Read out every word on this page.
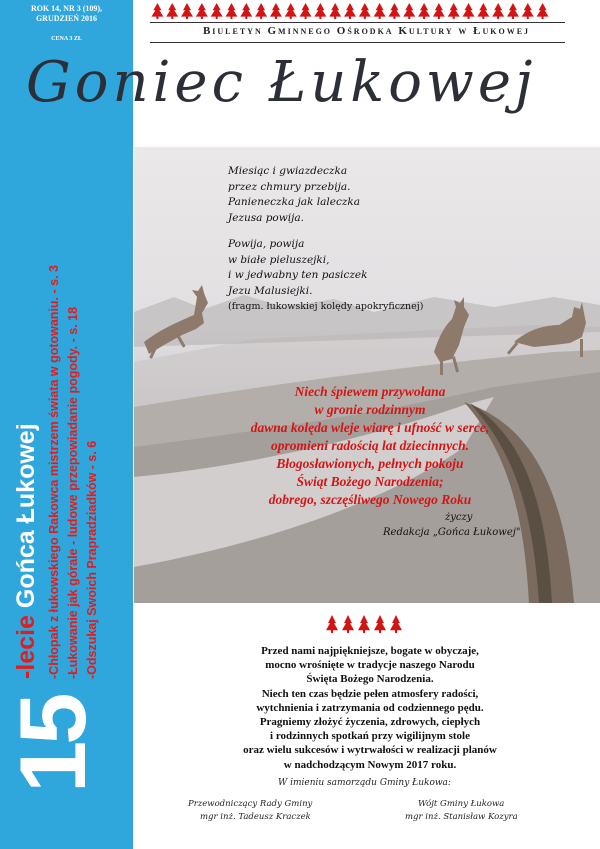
ROK 14, NR 3 (109),
GRUDZIEŃ 2016
CENA 3 ZŁ
15
-lecie Gońca Łukowej -Chłopak z łukowskiego Rakowca mistrzem świata w gotowaniu. - s. 3 -Łukowanie jak górale - ludowe przepowiadanie pogody. - s. 18 -Odszukaj Swoich Prapradziadków - s. 6
Biuletyn Gminnego Ośrodka Kultury w Łukowej
Goniec Łukowej
Miesiąc i gwiazdeczka
przez chmury przebija.
Panieneczka jak laleczka
Jezusa powija.
Powija, powija
w białe pieluszejki,
i w jedwabny ten pasiczek
Jezu Malusiejki.
(fragm. łukowskiej kolędy apokryficznej)
Niech śpiewem przywołana
w gronie rodzinnym
dawna kolęda wleje wiarę i ufność w serce,
opromieni radością lat dziecinnych.
Błogosławionych, pełnych pokoju
Świąt Bożego Narodzenia;
dobrego, szczęśliwego Nowego Roku
życzy
Redakcja „Gońca Łukowej"
Przed nami najpiękniejsze, bogate w obyczaje,
mocno wrośnięte w tradycje naszego Narodu
Święta Bożego Narodzenia.
Niech ten czas będzie pełen atmosfery radości,
wytchnienia i zatrzymania od codziennego pędu.
Pragniemy złożyć życzenia, zdrowych, ciepłych
i rodzinnych spotkań przy wigilijnym stole
oraz wielu sukcesów i wytrwałości w realizacji planów
w nadchodzącym Nowym 2017 roku.
W imieniu samorządu Gminy Łukowa:
Przewodniczący Rady Gminy
mgr inż. Tadeusz Kraczek
Wójt Gminy Łukowa
mgr inż. Stanisław Kozyra
